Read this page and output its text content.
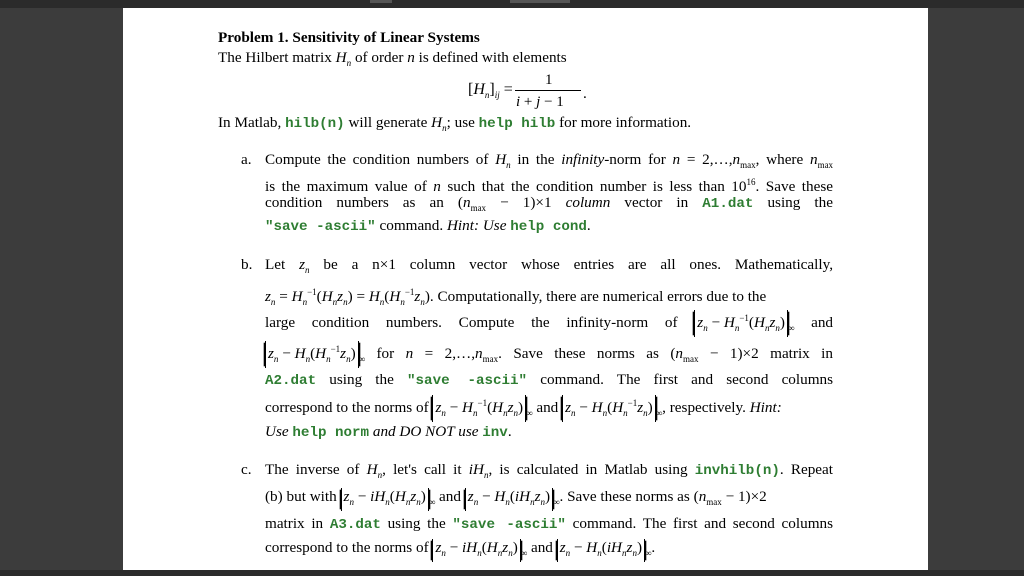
Problem 1. Sensitivity of Linear Systems
The Hilbert matrix $H_n$ of order n is defined with elements
$[H_n]_{ij}$ =
1
i + j − 1 .
In Matlab, hilb(n) will generate $H_n$; use help hilb for more information.
a. Compute the condition numbers of $H_n$ in the infinity-norm for $n = 2,\dots,n_{max}$, where $n_{max}$
is the maximum value of n such that the condition number is less than $10^{16}$. Save these
condition numbers as an $(n_{max} - 1)\times 1$ column vector in A1.dat using the
"save -ascii" command. Hint: Use help cond.
b. Let $z_n$ be a n×1 column vector whose entries are all ones. Mathematically,
$z_n = H_n^{-1}(H_nz_n) = H_n(H_n^{-1}z_n)$. Computationally, there are numerical errors due to the
large condition numbers. Compute the infinity-norm of $z_n - H_n^{-1}(H_nz_n)$ $_\infty$ and
$z_n - H_n(H_n^{-1}z_n)$ $_\infty$ for $n = 2,\dots,n_{max}$. Save these norms as $(n_{max} - 1)\times 2$ matrix in
A2.dat using the "save -ascii" command. The first and second columns
correspond to the norms of $z_n - H_n^{-1}(H_nz_n)$ $_\infty$ and $z_n - H_n(H_n^{-1}z_n)$ $_\infty$, respectively. Hint:
Use help norm and DO NOT use inv.
c. The inverse of $H_n$, let's call it $iH_n$, is calculated in Matlab using invhilb(n). Repeat
(b) but with $z_n - iH_n(H_nz_n)$ $_\infty$ and $z_n - H_n(iH_nz_n)$ $_\infty$. Save these norms as $(n_{max} - 1)\times 2$
matrix in A3.dat using the "save -ascii" command. The first and second columns
correspond to the norms of $z_n - iH_n(H_nz_n)$ $_\infty$ and $z_n - H_n(iH_nz_n)$ $_\infty$.
